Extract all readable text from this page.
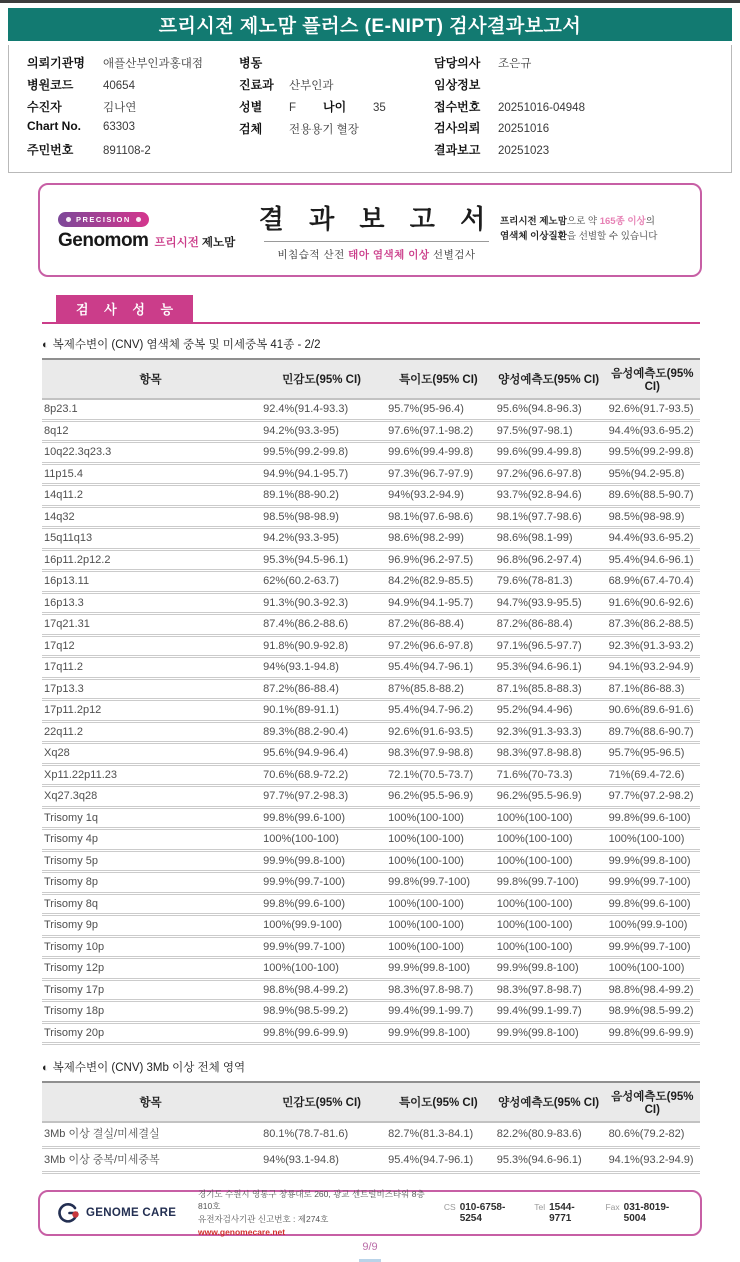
프리시전 제노맘 플러스 (E-NIPT) 검사결과보고서
의뢰기관명	애플산부인과홍대점
병원코드	40654
수진자	김나연
Chart No.	63303
주민번호	891108-2
병동
진료과	산부인과
성별	F	나이	35
검체	전용용기 혈장
담당의사	조은규
임상정보
접수번호	20251016-04948
검사의뢰	20251016
결과보고	20251023
PRECISION
Genomom 프리시전 제노맘
결 과 보 고 서
비침습적 산전 태아 염색체 이상 선별검사
프리시전 제노맘으로 약 165종 이상의
염색체 이상질환을 선별할 수 있습니다
검 사 성 능
◐ 복제수변이 (CNV) 염색체 중복 및 미세중복 41종 - 2/2
항목	민감도(95% CI)	특이도(95% CI)	양성예측도(95% CI)	음성예측도(95% CI)
8p23.1	92.4%(91.4-93.3)	95.7%(95-96.4)	95.6%(94.8-96.3)	92.6%(91.7-93.5)
8q12	94.2%(93.3-95)	97.6%(97.1-98.2)	97.5%(97-98.1)	94.4%(93.6-95.2)
10q22.3q23.3	99.5%(99.2-99.8)	99.6%(99.4-99.8)	99.6%(99.4-99.8)	99.5%(99.2-99.8)
11p15.4	94.9%(94.1-95.7)	97.3%(96.7-97.9)	97.2%(96.6-97.8)	95%(94.2-95.8)
14q11.2	89.1%(88-90.2)	94%(93.2-94.9)	93.7%(92.8-94.6)	89.6%(88.5-90.7)
14q32	98.5%(98-98.9)	98.1%(97.6-98.6)	98.1%(97.7-98.6)	98.5%(98-98.9)
15q11q13	94.2%(93.3-95)	98.6%(98.2-99)	98.6%(98.1-99)	94.4%(93.6-95.2)
16p11.2p12.2	95.3%(94.5-96.1)	96.9%(96.2-97.5)	96.8%(96.2-97.4)	95.4%(94.6-96.1)
16p13.11	62%(60.2-63.7)	84.2%(82.9-85.5)	79.6%(78-81.3)	68.9%(67.4-70.4)
16p13.3	91.3%(90.3-92.3)	94.9%(94.1-95.7)	94.7%(93.9-95.5)	91.6%(90.6-92.6)
17q21.31	87.4%(86.2-88.6)	87.2%(86-88.4)	87.2%(86-88.4)	87.3%(86.2-88.5)
17q12	91.8%(90.9-92.8)	97.2%(96.6-97.8)	97.1%(96.5-97.7)	92.3%(91.3-93.2)
17q11.2	94%(93.1-94.8)	95.4%(94.7-96.1)	95.3%(94.6-96.1)	94.1%(93.2-94.9)
17p13.3	87.2%(86-88.4)	87%(85.8-88.2)	87.1%(85.8-88.3)	87.1%(86-88.3)
17p11.2p12	90.1%(89-91.1)	95.4%(94.7-96.2)	95.2%(94.4-96)	90.6%(89.6-91.6)
22q11.2	89.3%(88.2-90.4)	92.6%(91.6-93.5)	92.3%(91.3-93.3)	89.7%(88.6-90.7)
Xq28	95.6%(94.9-96.4)	98.3%(97.9-98.8)	98.3%(97.8-98.8)	95.7%(95-96.5)
Xp11.22p11.23	70.6%(68.9-72.2)	72.1%(70.5-73.7)	71.6%(70-73.3)	71%(69.4-72.6)
Xq27.3q28	97.7%(97.2-98.3)	96.2%(95.5-96.9)	96.2%(95.5-96.9)	97.7%(97.2-98.2)
Trisomy 1q	99.8%(99.6-100)	100%(100-100)	100%(100-100)	99.8%(99.6-100)
Trisomy 4p	100%(100-100)	100%(100-100)	100%(100-100)	100%(100-100)
Trisomy 5p	99.9%(99.8-100)	100%(100-100)	100%(100-100)	99.9%(99.8-100)
Trisomy 8p	99.9%(99.7-100)	99.8%(99.7-100)	99.8%(99.7-100)	99.9%(99.7-100)
Trisomy 8q	99.8%(99.6-100)	100%(100-100)	100%(100-100)	99.8%(99.6-100)
Trisomy 9p	100%(99.9-100)	100%(100-100)	100%(100-100)	100%(99.9-100)
Trisomy 10p	99.9%(99.7-100)	100%(100-100)	100%(100-100)	99.9%(99.7-100)
Trisomy 12p	100%(100-100)	99.9%(99.8-100)	99.9%(99.8-100)	100%(100-100)
Trisomy 17p	98.8%(98.4-99.2)	98.3%(97.8-98.7)	98.3%(97.8-98.7)	98.8%(98.4-99.2)
Trisomy 18p	98.9%(98.5-99.2)	99.4%(99.1-99.7)	99.4%(99.1-99.7)	98.9%(98.5-99.2)
Trisomy 20p	99.8%(99.6-99.9)	99.9%(99.8-100)	99.9%(99.8-100)	99.8%(99.6-99.9)
◐ 복제수변이 (CNV) 3Mb 이상 전체 영역
항목	민감도(95% CI)	특이도(95% CI)	양성예측도(95% CI)	음성예측도(95% CI)
3Mb 이상 결실/미세결실	80.1%(78.7-81.6)	82.7%(81.3-84.1)	82.2%(80.9-83.6)	80.6%(79.2-82)
3Mb 이상 중복/미세중복	94%(93.1-94.8)	95.4%(94.7-96.1)	95.3%(94.6-96.1)	94.1%(93.2-94.9)
GENOME CARE
경기도 수원시 영통구 창룡대로 260, 광교 센트럴비즈타워 8층 810호
유전자검사기관 신고번호 : 제274호
www.genomecare.net
CS 010-6758-5254
Tel 1544-9771
Fax 031-8019-5004
9/9
